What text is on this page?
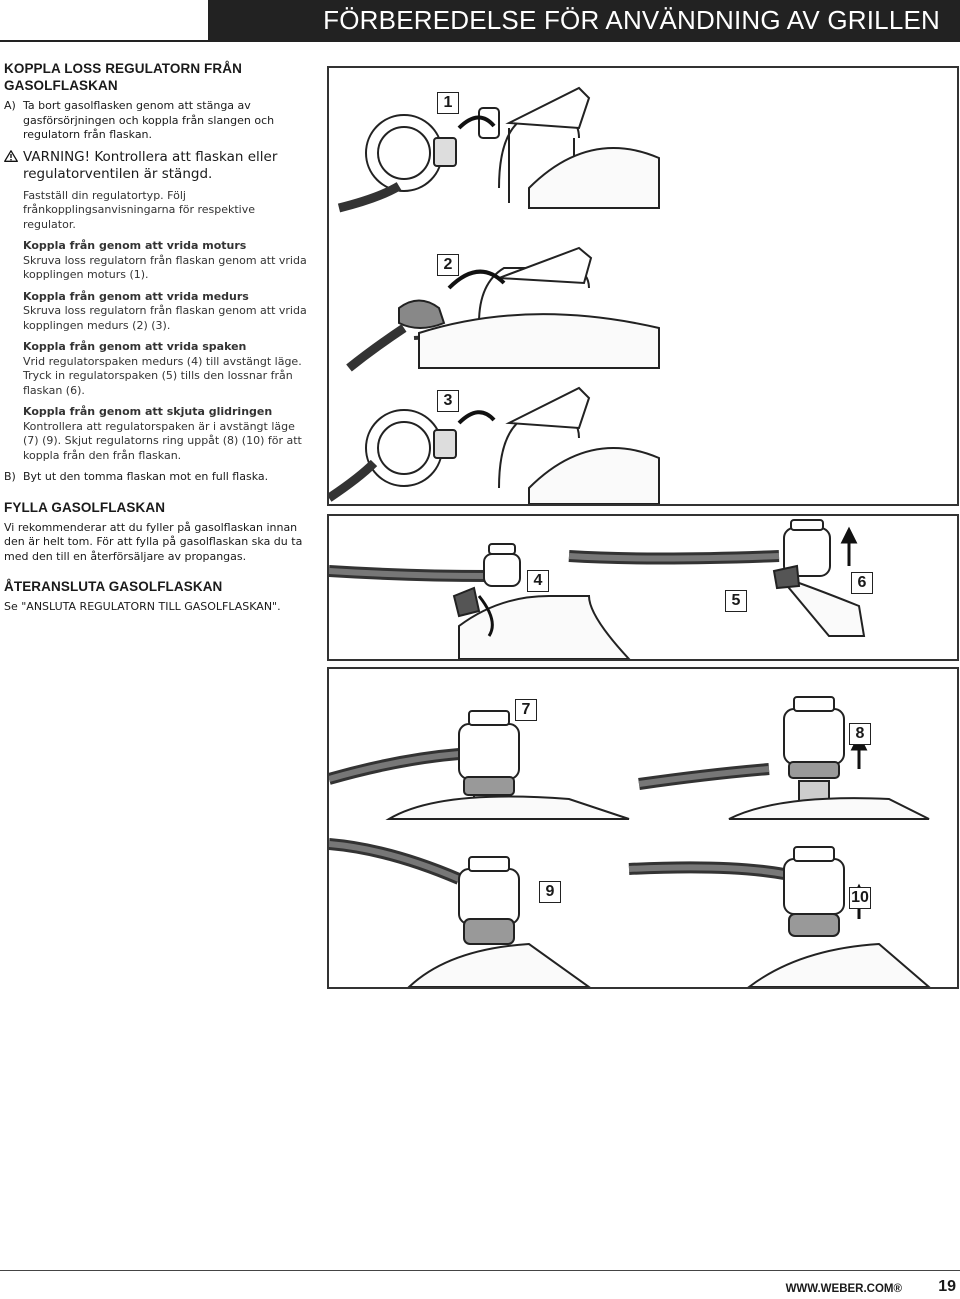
FÖRBEREDELSE FÖR ANVÄNDNING AV GRILLEN
KOPPLA LOSS REGULATORN FRÅN GASOLFLASKAN
A) Ta bort gasolflasken genom att stänga av gasförsörjningen och koppla från slangen och regulatorn från flaskan.
VARNING! Kontrollera att flaskan eller regulatorventilen är stängd.
Fastställ din regulatortyp. Följ frånkopplingsanvisningarna för respektive regulator.
Koppla från genom att vrida moturs
Skruva loss regulatorn från flaskan genom att vrida kopplingen moturs (1).
Koppla från genom att vrida medurs
Skruva loss regulatorn från flaskan genom att vrida kopplingen medurs (2) (3).
Koppla från genom att vrida spaken
Vrid regulatorspaken medurs (4) till avstängt läge. Tryck in regulatorspaken (5) tills den lossnar från flaskan (6).
Koppla från genom att skjuta glidringen
Kontrollera att regulatorspaken är i avstängt läge (7) (9). Skjut regulatorns ring uppåt (8) (10) för att koppla från den från flaskan.
B) Byt ut den tomma flaskan mot en full flaska.
FYLLA GASOLFLASKAN
Vi rekommenderar att du fyller på gasolflaskan innan den är helt tom. För att fylla på gasolflaskan ska du ta med den till en återförsäljare av propangas.
ÅTERANSLUTA GASOLFLASKAN
Se "ANSLUTA REGULATORN TILL GASOLFLASKAN".
1
2
3
4
5
6
7
8
9	10
WWW.WEBER.COM® 19
